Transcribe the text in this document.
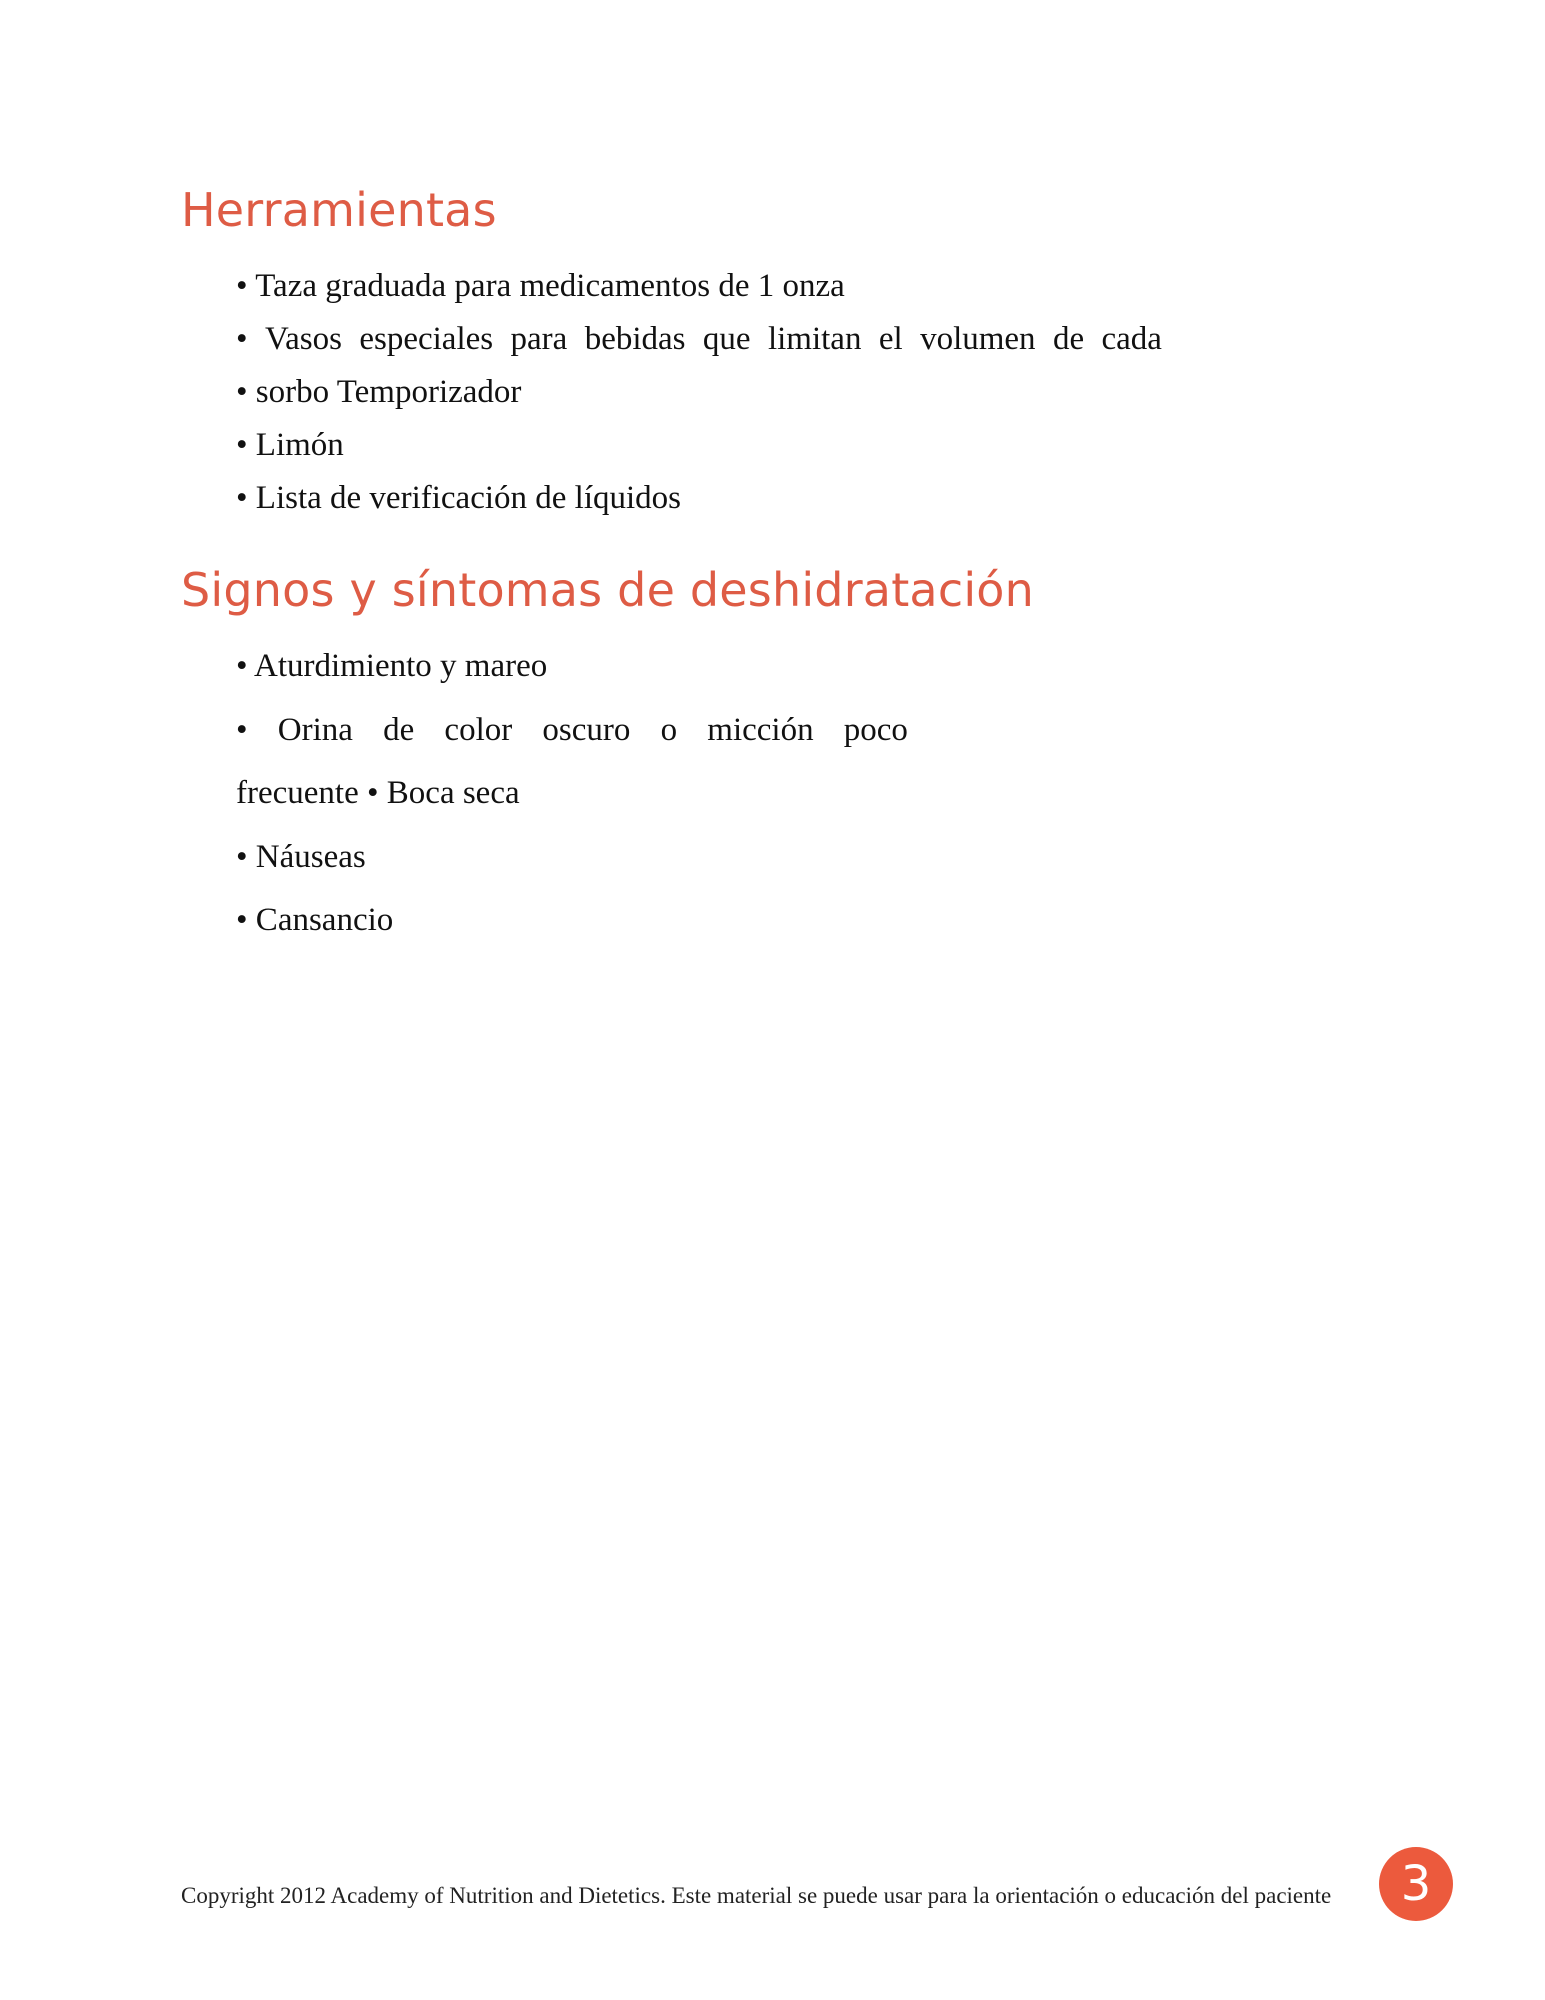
Herramientas
• Taza graduada para medicamentos de 1 onza
• Vasos especiales para bebidas que limitan el volumen de cada
• sorbo Temporizador
• Limón
• Lista de verificación de líquidos
Signos y síntomas de deshidratación
• Aturdimiento y mareo
• Orina de color oscuro o micción poco
frecuente • Boca seca
• Náuseas
• Cansancio
Copyright 2012 Academy of Nutrition and Dietetics. Este material se puede usar para la orientación o educación del paciente	3
